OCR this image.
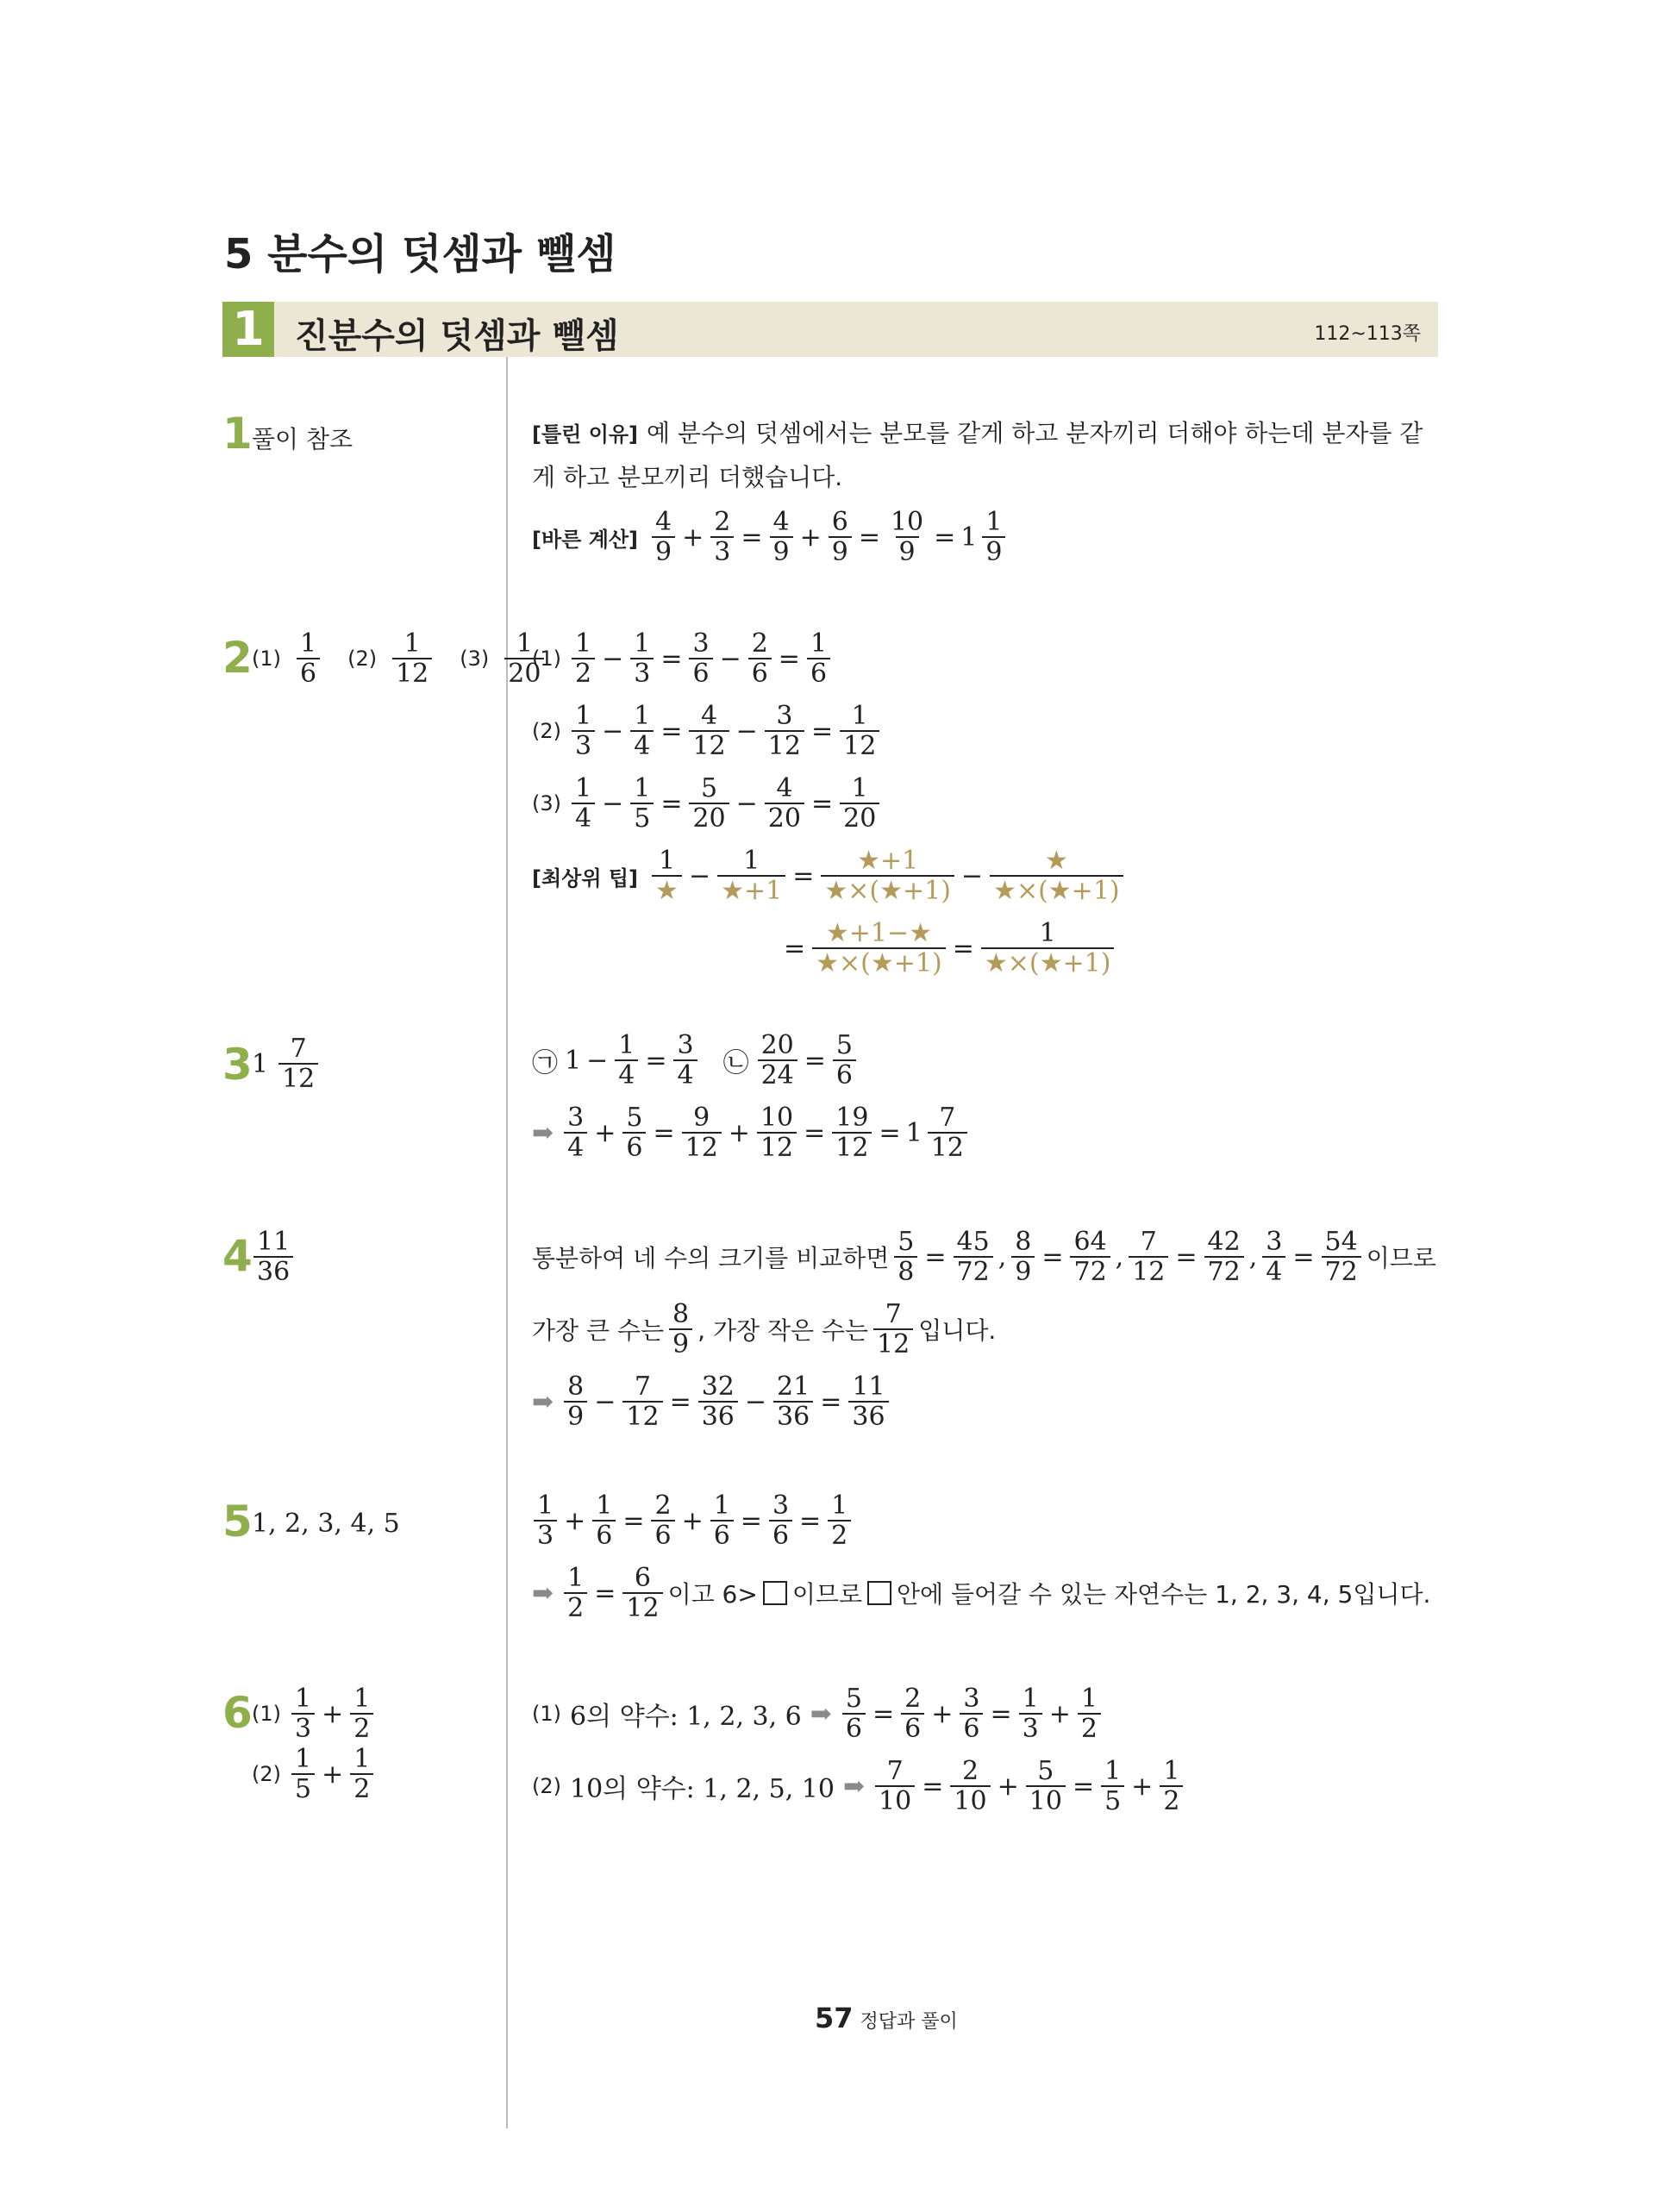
5 분수의 덧셈과 뺄셈
1 진분수의 덧셈과 뺄셈	112~113쪽
1 풀이 참조	[틀린 이유] 예 분수의 덧셈에서는 분모를 같게 하고 분자끼리 더해야 하는데 분자를 같게 하고 분모끼리 더했습니다.
[바른 계산] $\frac{4}{9} + \frac{2}{3} = \frac{4}{9} + \frac{6}{9} = \frac{10}{9} = 1 \frac{1}{9}$
2 $(1) \frac{1}{6} (2) \frac{1}{12} (3) \frac{1}{20}$
$(1) \frac{1}{2} - \frac{1}{3} = \frac{3}{6} - \frac{2}{6} = \frac{1}{6}$
$(2) \frac{1}{3} - \frac{1}{4} = \frac{4}{12} - \frac{3}{12} = \frac{1}{12}$
$(3) \frac{1}{4} - \frac{1}{5} = \frac{5}{20} - \frac{4}{20} = \frac{1}{20}$
[최상위 팁] $\frac{1}{★} - \frac{1}{★+1} = \frac{★+1}{★\times(★+1)} - \frac{★}{★\times(★+1)}$
= $\frac{★+1-★}{★\times(★+1)} = \frac{1}{★\times(★+1)}$
3 $1 \frac{7}{12}$	㉠ $1 - \frac{1}{4} = \frac{3}{4}$ ㉡ $\frac{20}{24} = \frac{5}{6}$
➡ $\frac{3}{4} + \frac{5}{6} = \frac{9}{12} + \frac{10}{12} = \frac{19}{12} = 1 \frac{7}{12}$
$4 \frac{11}{36}$	통분하여 네 수의 크기를 비교하면 $\frac{5}{8} = \frac{45}{72}$ , $\frac{8}{9} = \frac{64}{72}$ , $\frac{7}{12} = \frac{42}{72}$ , $\frac{3}{4} = \frac{54}{72}$ 이므로
가장 큰 수는 $\frac{8}{9}$ , 가장 작은 수는 $\frac{7}{12}$ 입니다.
➡ $\frac{8}{9} - \frac{7}{12} = \frac{32}{36} - \frac{21}{36} = \frac{11}{36}$
5 1, 2, 3, 4, 5	$\frac{1}{3} + \frac{1}{6} = \frac{2}{6} + \frac{1}{6} = \frac{3}{6} = \frac{1}{2}$
➡ $\frac{1}{2} = \frac{6}{12}$ 이고 6> 이므로 안에 들어갈 수 있는 자연수는 1, 2, 3, 4, 5입니다.
6 $(1) \frac{1}{3} + \frac{1}{2}$
$(2) \frac{1}{5} + \frac{1}{2}$
(1) 6의 약수: 1, 2, 3, 6 ➡ $\frac{5}{6} = \frac{2}{6} + \frac{3}{6} = \frac{1}{3} + \frac{1}{2}$
(2) 10의 약수: 1, 2, 5, 10 ➡ $\frac{7}{10} = \frac{2}{10} + \frac{5}{10} = \frac{1}{5} + \frac{1}{2}$
57 정답과 풀이
